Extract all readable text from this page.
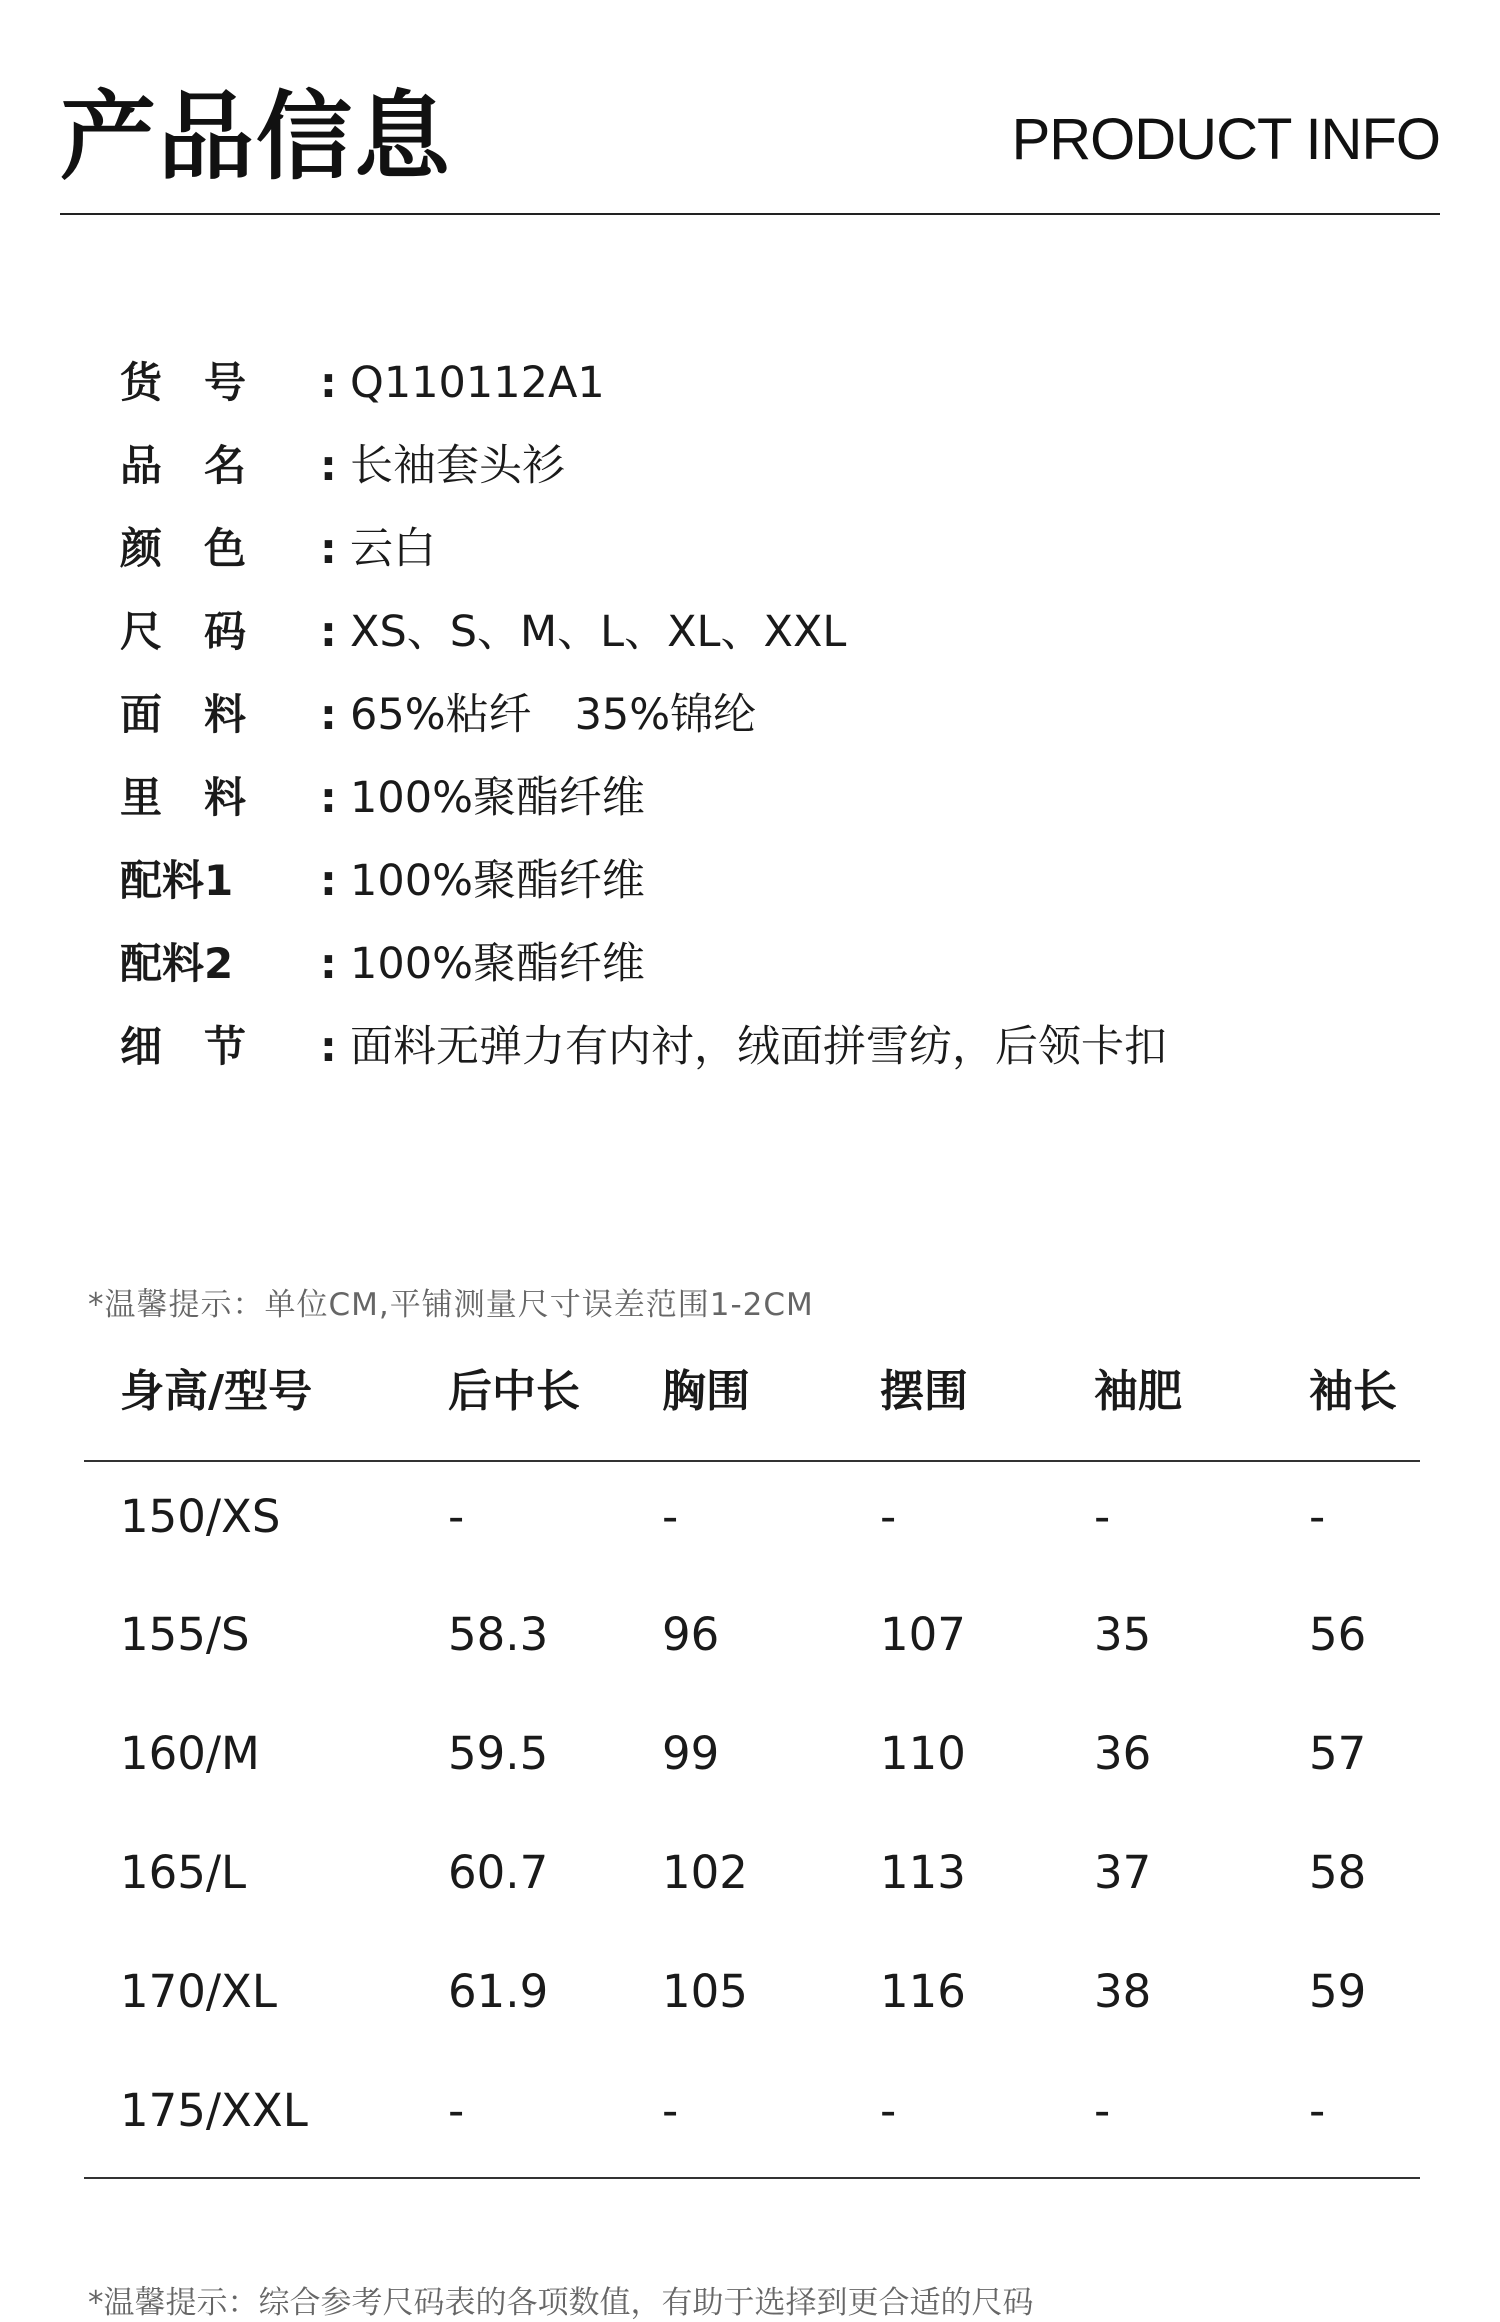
产品信息	PRODUCT INFO
货　号	: Q110112A1
品　名	: 长袖套头衫
颜　色	: 云白
尺　码	: XS、S、M、L、XL、XXL
面　料	: 65%粘纤　35%锦纶
里　料	: 100%聚酯纤维
配料1	: 100%聚酯纤维
配料2	: 100%聚酯纤维
细　节	: 面料无弹力有内衬，绒面拼雪纺，后领卡扣
*温馨提示：单位CM,平铺测量尺寸误差范围1-2CM
身高/型号	后中长 胸围	摆围	袖肥	袖长
150/XS	-	-	-	-	-
155/S	58.3	96	107	35	56
160/M	59.5	99	110	36	57
165/L	60.7	102	113	37	58
170/XL	61.9	105	116	38	59
175/XXL	-	-	-	-	-
*温馨提示：综合参考尺码表的各项数值，有助于选择到更合适的尺码
